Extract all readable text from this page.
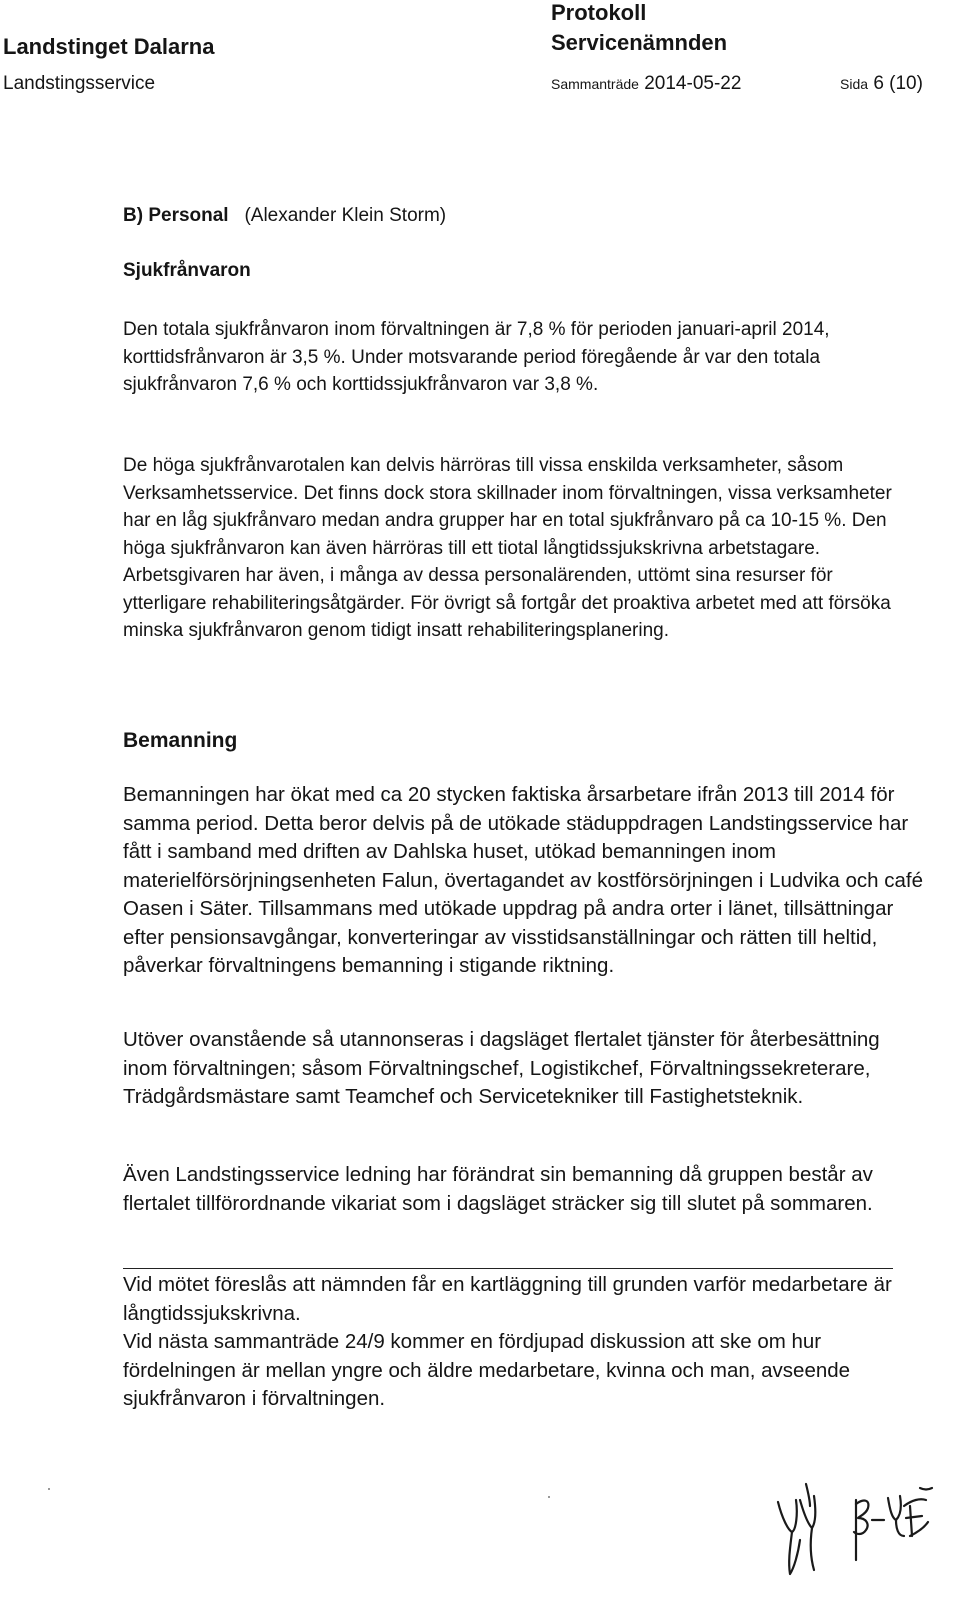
Landstinget Dalarna
Protokoll
Servicenämnden
Landstingsservice	Sammanträde 2014-05-22	Sida 6 (10)
B) Personal (Alexander Klein Storm)
Sjukfrånvaron

Den totala sjukfrånvaron inom förvaltningen är 7,8 % för perioden januari-april 2014, korttidsfrånvaron är 3,5 %. Under motsvarande period föregående år var den totala sjukfrånvaron 7,6 % och korttidssjukfrånvaron var 3,8 %.

De höga sjukfrånvarotalen kan delvis härröras till vissa enskilda verksamheter, såsom Verksamhetsservice. Det finns dock stora skillnader inom förvaltningen, vissa verksamheter har en låg sjukfrånvaro medan andra grupper har en total sjukfrånvaro på ca 10-15 %. Den höga sjukfrånvaron kan även härröras till ett tiotal långtidssjukskrivna arbetstagare. Arbetsgivaren har även, i många av dessa personalärenden, uttömt sina resurser för ytterligare rehabiliteringsåtgärder. För övrigt så fortgår det proaktiva arbetet med att försöka minska sjukfrånvaron genom tidigt insatt rehabiliteringsplanering.

Bemanning

Bemanningen har ökat med ca 20 stycken faktiska årsarbetare ifrån 2013 till 2014 för samma period. Detta beror delvis på de utökade städuppdragen Landstingsservice har fått i samband med driften av Dahlska huset, utökad bemanningen inom materielförsörjningsenheten Falun, övertagandet av kostförsörjningen i Ludvika och café Oasen i Säter. Tillsammans med utökade uppdrag på andra orter i länet, tillsättningar efter pensionsavgångar, konverteringar av visstidsanställningar och rätten till heltid, påverkar förvaltningens bemanning i stigande riktning.

Utöver ovanstående så utannonseras i dagsläget flertalet tjänster för återbesättning inom förvaltningen; såsom Förvaltningschef, Logistikchef, Förvaltningssekreterare, Trädgårdsmästare samt Teamchef och Servicetekniker till Fastighetsteknik.

Även Landstingsservice ledning har förändrat sin bemanning då gruppen består av flertalet tillförordnande vikariat som i dagsläget sträcker sig till slutet på sommaren.

Vid mötet föreslås att nämnden får en kartläggning till grunden varför medarbetare är långtidssjukskrivna.

Vid nästa sammanträde 24/9 kommer en fördjupad diskussion att ske om hur fördelningen är mellan yngre och äldre medarbetare, kvinna och man, avseende sjukfrånvaron i förvaltningen.
